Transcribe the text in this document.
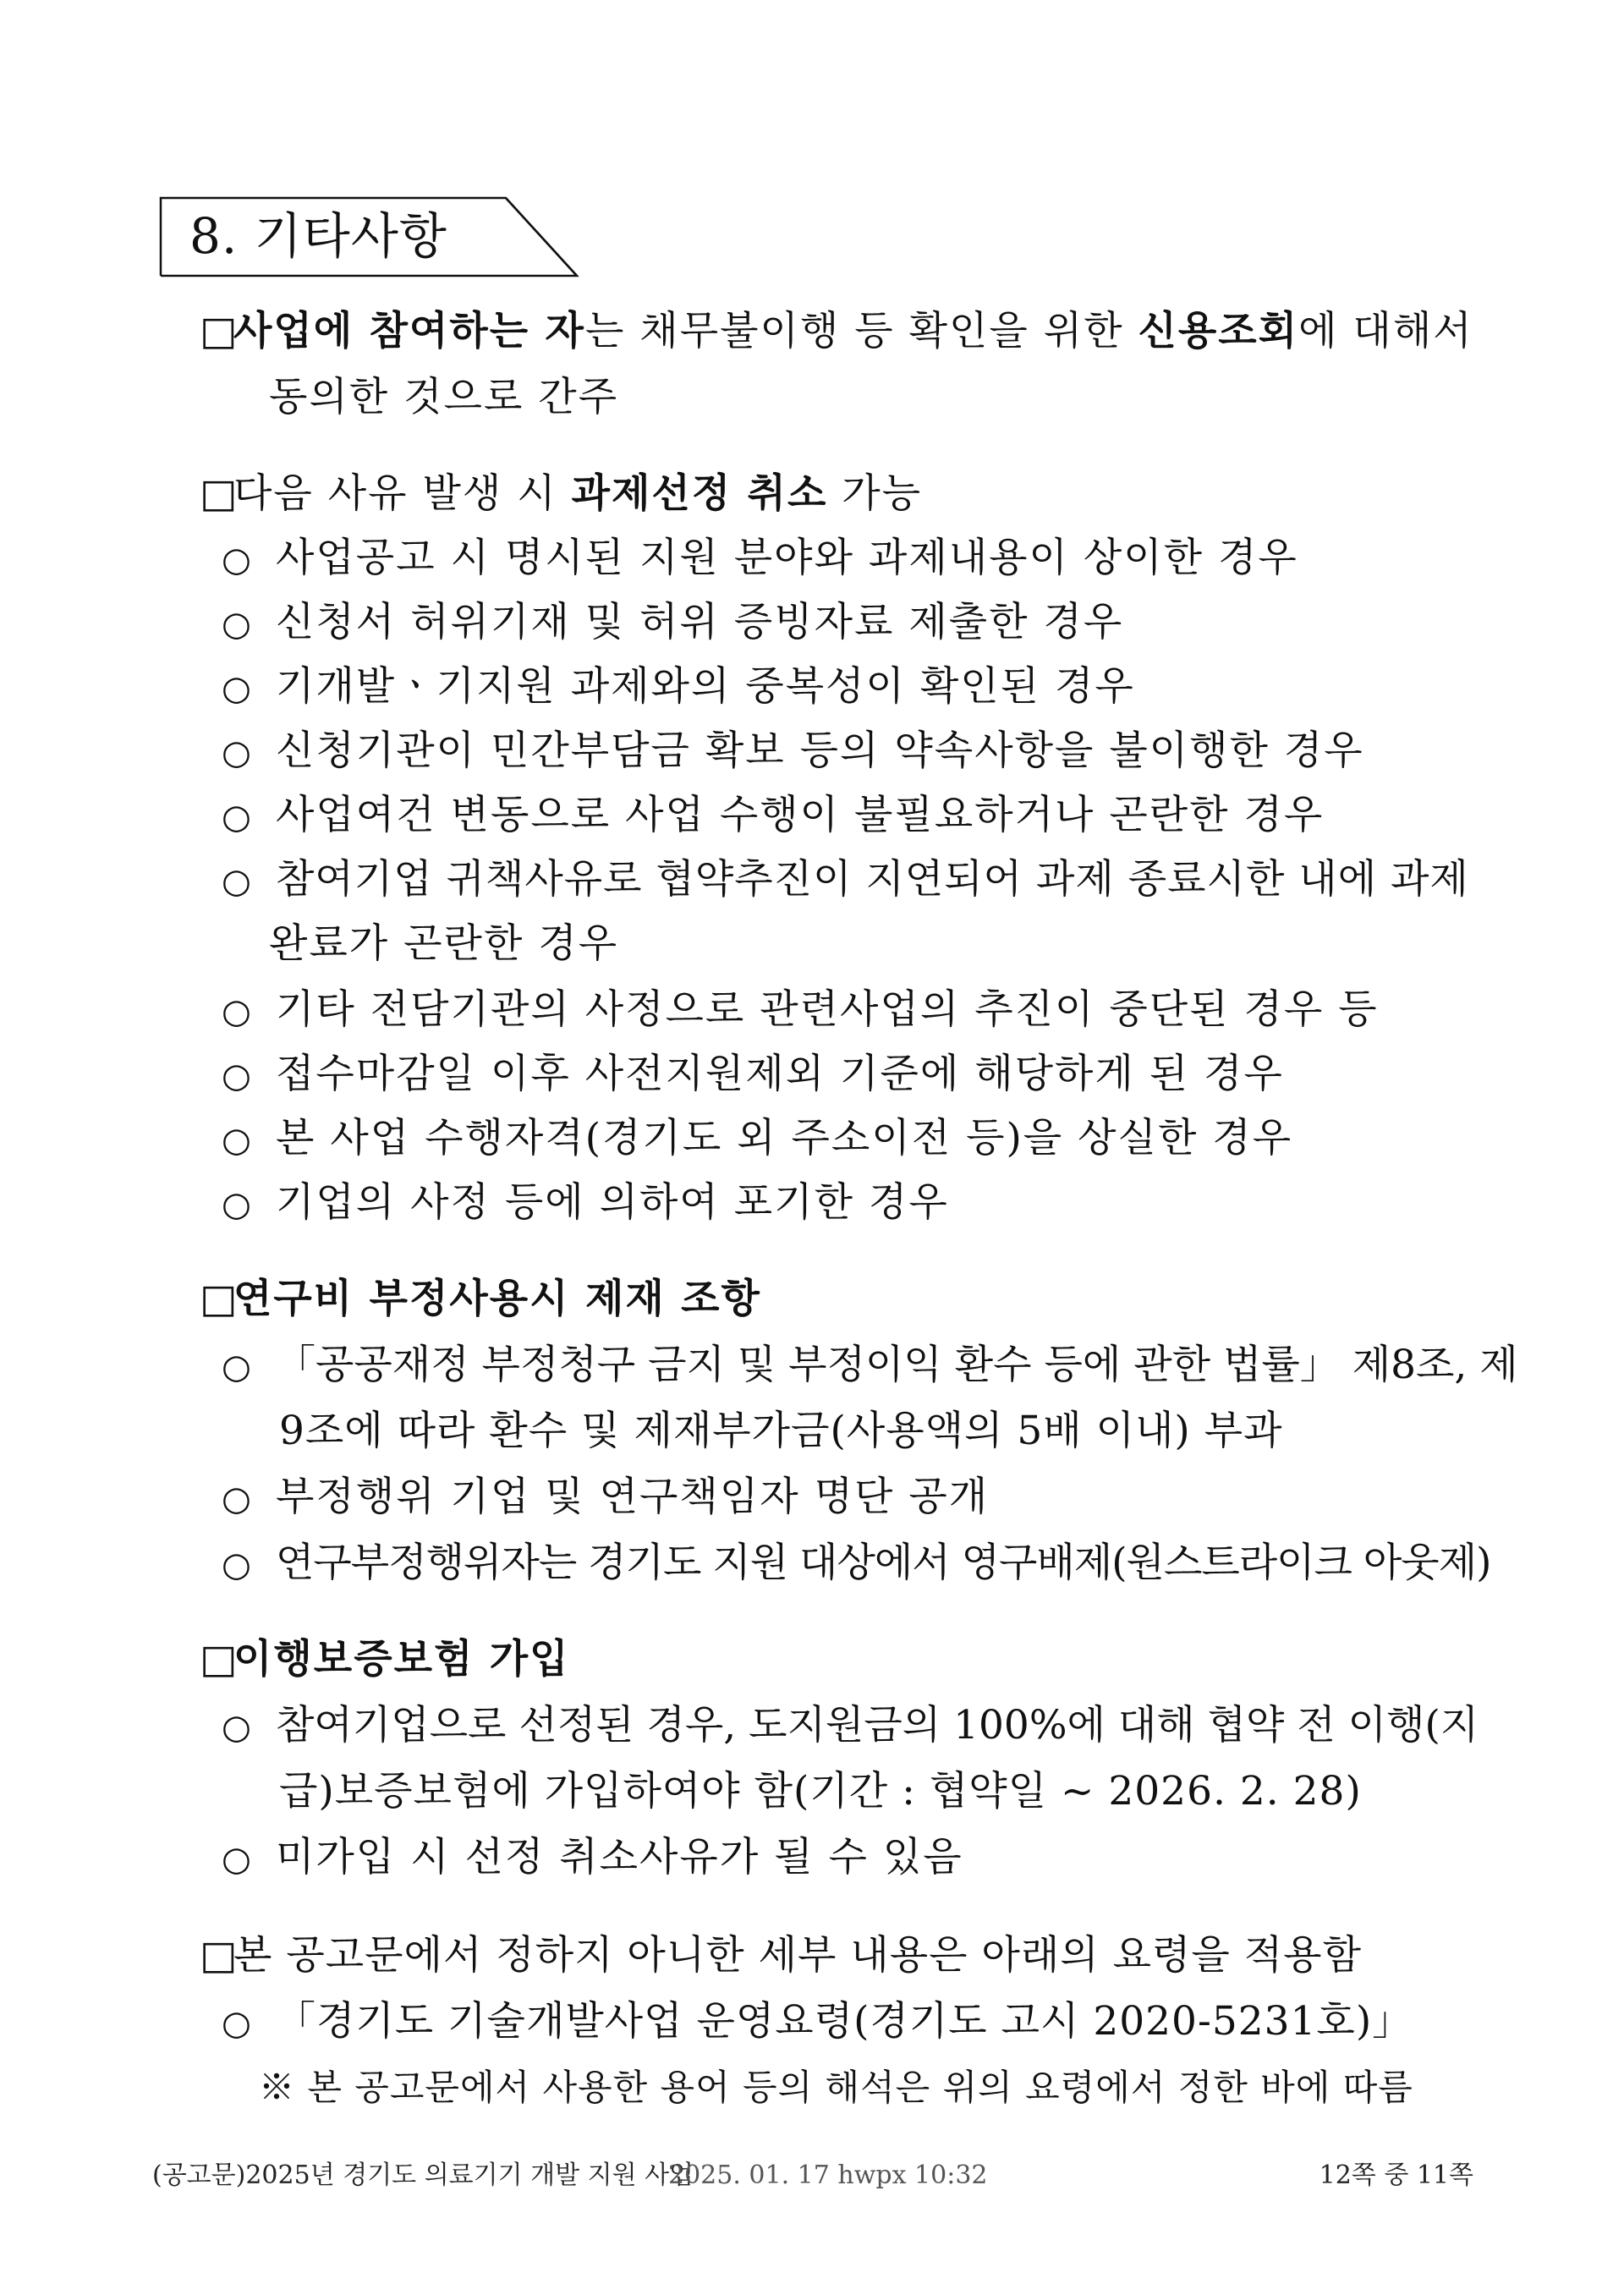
8. 기타사항
□사업에 참여하는 자는 채무불이행 등 확인을 위한 신용조회에 대해서
동의한 것으로 간주
□다음 사유 발생 시 과제선정 취소 가능
○ 사업공고 시 명시된 지원 분야와 과제내용이 상이한 경우
○ 신청서 허위기재 및 허위 증빙자료 제출한 경우
○ 기개발ㆍ기지원 과제와의 중복성이 확인된 경우
○ 신청기관이 민간부담금 확보 등의 약속사항을 불이행한 경우
○ 사업여건 변동으로 사업 수행이 불필요하거나 곤란한 경우
○ 참여기업 귀책사유로 협약추진이 지연되어 과제 종료시한 내에 과제
완료가 곤란한 경우
○ 기타 전담기관의 사정으로 관련사업의 추진이 중단된 경우 등
○ 접수마감일 이후 사전지원제외 기준에 해당하게 된 경우
○ 본 사업 수행자격(경기도 외 주소이전 등)을 상실한 경우
○ 기업의 사정 등에 의하여 포기한 경우
□연구비 부정사용시 제재 조항
○ 「공공재정 부정청구 금지 및 부정이익 환수 등에 관한 법률」 제8조, 제
9조에 따라 환수 및 제재부가금(사용액의 5배 이내) 부과
○ 부정행위 기업 및 연구책임자 명단 공개
○ 연구부정행위자는 경기도 지원 대상에서 영구배제(원스트라이크 아웃제)
□이행보증보험 가입
○ 참여기업으로 선정된 경우, 도지원금의 100%에 대해 협약 전 이행(지
급)보증보험에 가입하여야 함(기간 : 협약일 ~ 2026. 2. 28)
○ 미가입 시 선정 취소사유가 될 수 있음
□본 공고문에서 정하지 아니한 세부 내용은 아래의 요령을 적용함
○ 「경기도 기술개발사업 운영요령(경기도 고시 2020-5231호)」
※ 본 공고문에서 사용한 용어 등의 해석은 위의 요령에서 정한 바에 따름
(공고문)2025년 경기도 의료기기 개발 지원 사업
2025. 01. 17 hwpx 10:32	12쪽 중 11쪽
